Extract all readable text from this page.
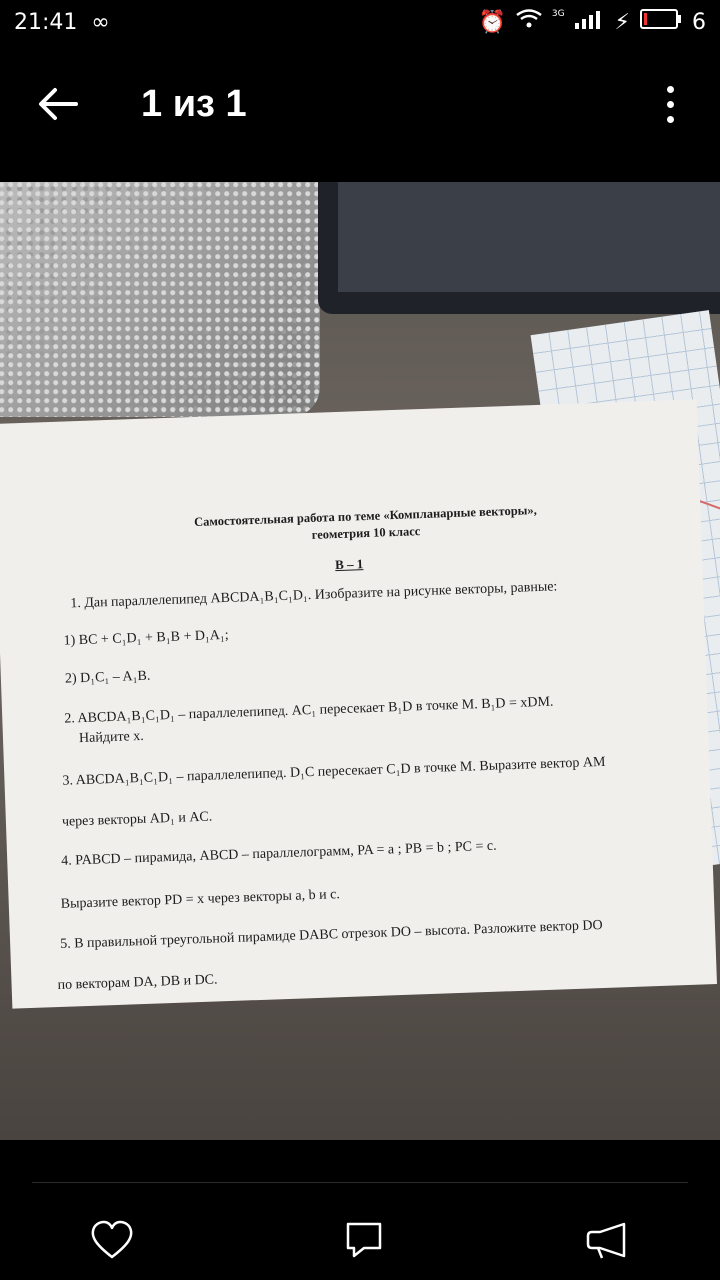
21:41 ∞	⏰	3G ⚡	6
1 из 1
Самостоятельная работа по теме «Компланарные векторы»,
геометрия 10 класс
В – 1
1. Дан параллелепипед ABCDA₁B₁C₁D₁. Изобразите на рисунке векторы, равные:
1) BC + C₁D₁ + B₁B + D₁A₁;
2) D₁C₁ – A₁B.
2. ABCDA₁B₁C₁D₁ – параллелепипед. AC₁ пересекает B₁D в точке M. B₁D = xDM.
Найдите x.
3. ABCDA₁B₁C₁D₁ – параллелепипед. D₁C пересекает C₁D в точке M. Выразите вектор AM
через векторы AD₁ и AC.
4. PABCD – пирамида, ABCD – параллелограмм, PA = a ; PB = b ; PC = c.
Выразите вектор PD = x через векторы a, b и c.
5. В правильной треугольной пирамиде DABC отрезок DO – высота. Разложите вектор DO
по векторам DA, DB и DC.
